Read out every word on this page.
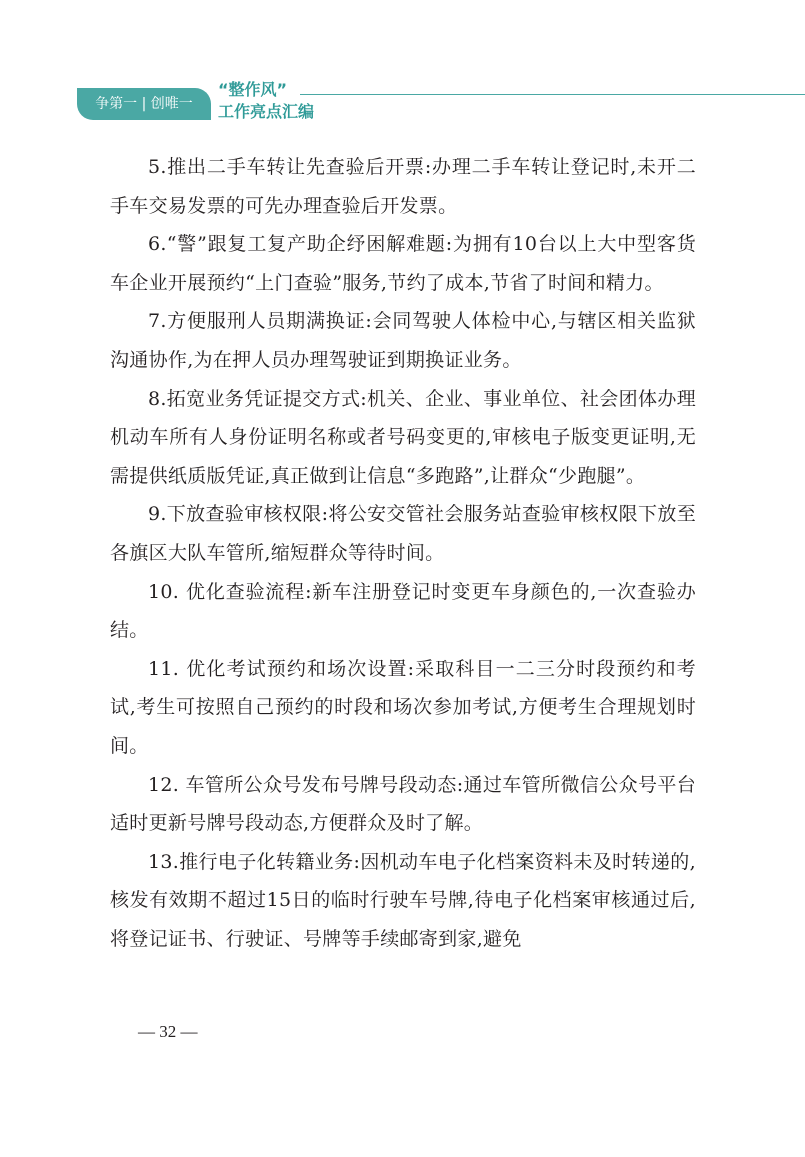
争第一 | 创唯一
“整作风”
工作亮点汇编

5.推出二手车转让先查验后开票:办理二手车转让登记时,未开二手车交易发票的可先办理查验后开发票。

6.“警”跟复工复产助企纾困解难题:为拥有10台以上大中型客货车企业开展预约“上门查验”服务,节约了成本,节省了时间和精力。

7.方便服刑人员期满换证:会同驾驶人体检中心,与辖区相关监狱沟通协作,为在押人员办理驾驶证到期换证业务。

8.拓宽业务凭证提交方式:机关、企业、事业单位、社会团体办理机动车所有人身份证明名称或者号码变更的,审核电子版变更证明,无需提供纸质版凭证,真正做到让信息“多跑路”,让群众“少跑腿”。

9.下放查验审核权限:将公安交管社会服务站查验审核权限下放至各旗区大队车管所,缩短群众等待时间。

10. 优化查验流程:新车注册登记时变更车身颜色的,一次查验办结。

11. 优化考试预约和场次设置:采取科目一二三分时段预约和考试,考生可按照自己预约的时段和场次参加考试,方便考生合理规划时间。

12. 车管所公众号发布号牌号段动态:通过车管所微信公众号平台适时更新号牌号段动态,方便群众及时了解。

13.推行电子化转籍业务:因机动车电子化档案资料未及时转递的,核发有效期不超过15日的临时行驶车号牌,待电子化档案审核通过后,将登记证书、行驶证、号牌等手续邮寄到家,避免

— 32 —
